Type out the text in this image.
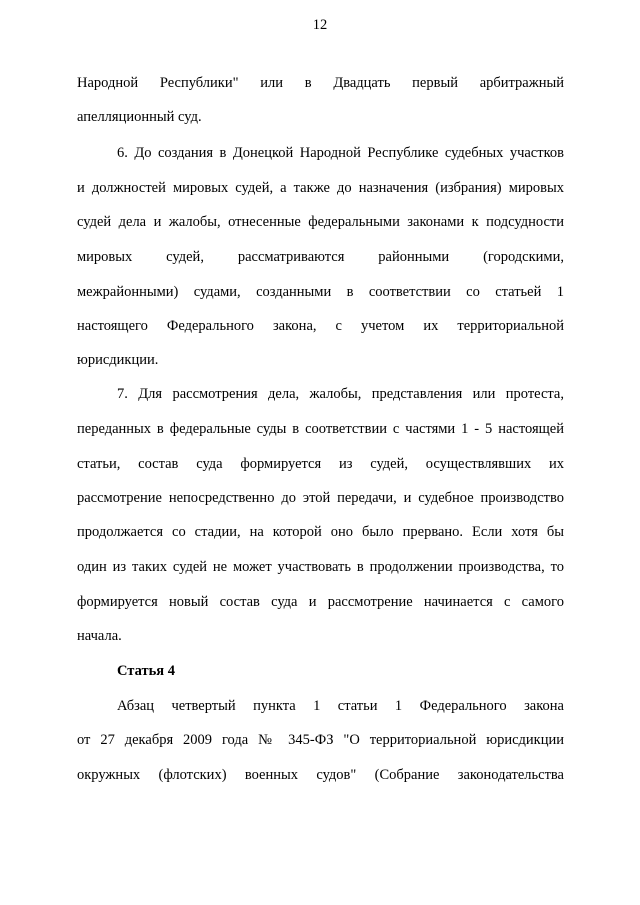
12
Народной Республики" или в Двадцать первый арбитражный
апелляционный суд.
6. До создания в Донецкой Народной Республике судебных участков
и должностей мировых судей, а также до назначения (избрания) мировых
судей дела и жалобы, отнесенные федеральными законами к подсудности
мировых судей, рассматриваются районными (городскими,
межрайонными) судами, созданными в соответствии со статьей 1
настоящего Федерального закона, с учетом их территориальной
юрисдикции.
7. Для рассмотрения дела, жалобы, представления или протеста,
переданных в федеральные суды в соответствии с частями 1 - 5 настоящей
статьи, состав суда формируется из судей, осуществлявших их
рассмотрение непосредственно до этой передачи, и судебное производство
продолжается со стадии, на которой оно было прервано. Если хотя бы
один из таких судей не может участвовать в продолжении производства, то
формируется новый состав суда и рассмотрение начинается с самого
начала.
Статья 4
Абзац четвертый пункта 1 статьи 1 Федерального закона
от 27 декабря 2009 года № 345-ФЗ "О территориальной юрисдикции
окружных (флотских) военных судов" (Собрание законодательства
